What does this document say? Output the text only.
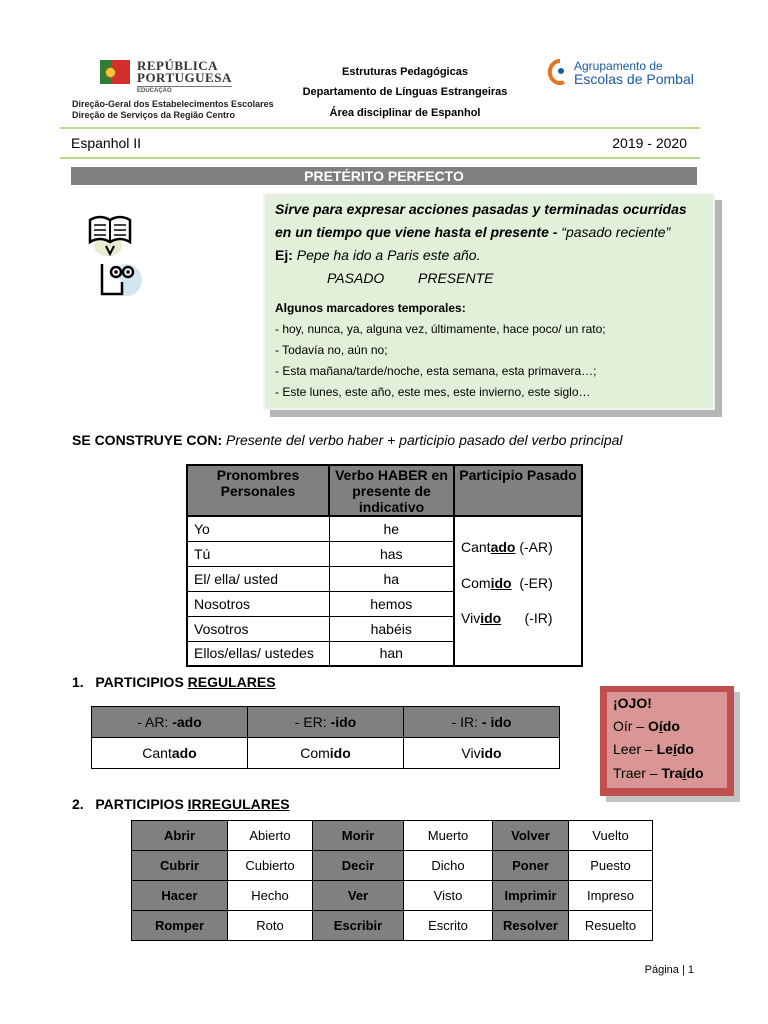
REPÚBLICA
PORTUGUESA
EDUCAÇÃO
Direção-Geral dos Estabelecimentos Escolares
Direção de Serviços da Região Centro
Estruturas Pedagógicas
Departamento de Línguas Estrangeiras
Área disciplinar de Espanhol
Agrupamento de
Escolas de Pombal
Espanhol II	2019 - 2020
PRETÉRITO PERFECTO
Sirve para expresar acciones pasadas y terminadas ocurridas
en un tiempo que viene hasta el presente - “pasado reciente”
Ej: Pepe ha ido a Paris este año.
PASADO PRESENTE
Algunos marcadores temporales:
- hoy, nunca, ya, alguna vez, últimamente, hace poco/ un rato;
- Todavía no, aún no;
- Esta mañana/tarde/noche, esta semana, esta primavera…;
- Este lunes, este año, este mes, este invierno, este siglo…
SE CONSTRUYE CON: Presente del verbo haber + participio pasado del verbo principal
Pronombres Personales	Verbo HABER en presente de indicativo	Participio Pasado
Yo	he	Cantado (-AR)
Comido  (-ER)
Vivido      (-IR)

Tú	has	
El/ ella/ usted	ha	
Nosotros	hemos	
Vosotros	habéis	
Ellos/ellas/ ustedes	han	
1. PARTICIPIOS REGULARES
- AR: -ado	- ER: -ido	- IR: - ido
Cantado	Comido	Vivido
¡OJO!
Oír – Oído
Leer – Leído
Traer – Traído
2. PARTICIPIOS IRREGULARES
Abrir	Abierto	Morir	Muerto	Volver	Vuelto
Cubrir	Cubierto	Decir	Dicho	Poner	Puesto
Hacer	Hecho	Ver	Visto	Imprimir	Impreso
Romper	Roto	Escribir	Escrito	Resolver	Resuelto
Página | 1
